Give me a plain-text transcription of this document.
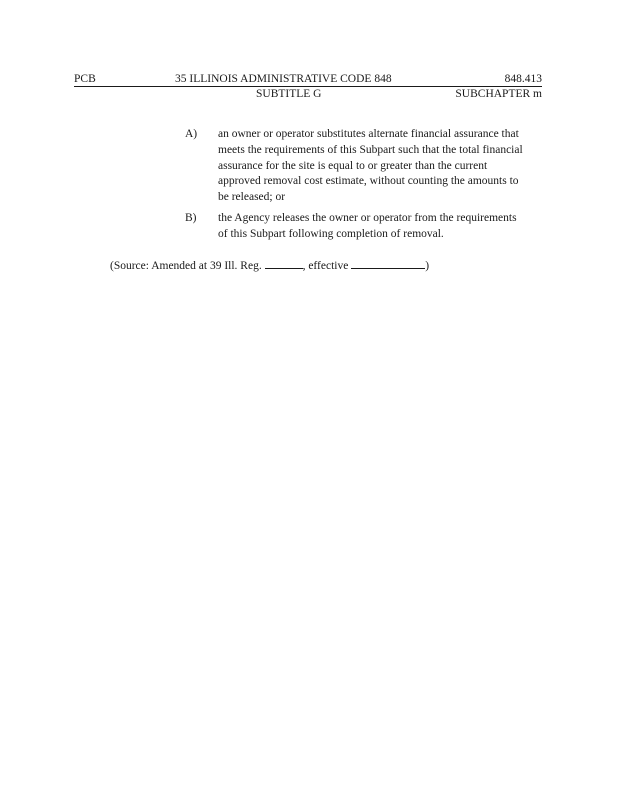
PCB	35 ILLINOIS ADMINISTRATIVE CODE 848	848.413
SUBTITLE G	SUBCHAPTER m
A) an owner or operator substitutes alternate financial assurance that
meets the requirements of this Subpart such that the total financial
assurance for the site is equal to or greater than the current
approved removal cost estimate, without counting the amounts to
be released; or
B) the Agency releases the owner or operator from the requirements
of this Subpart following completion of removal.
(Source: Amended at 39 Ill. Reg.	, effective	)
